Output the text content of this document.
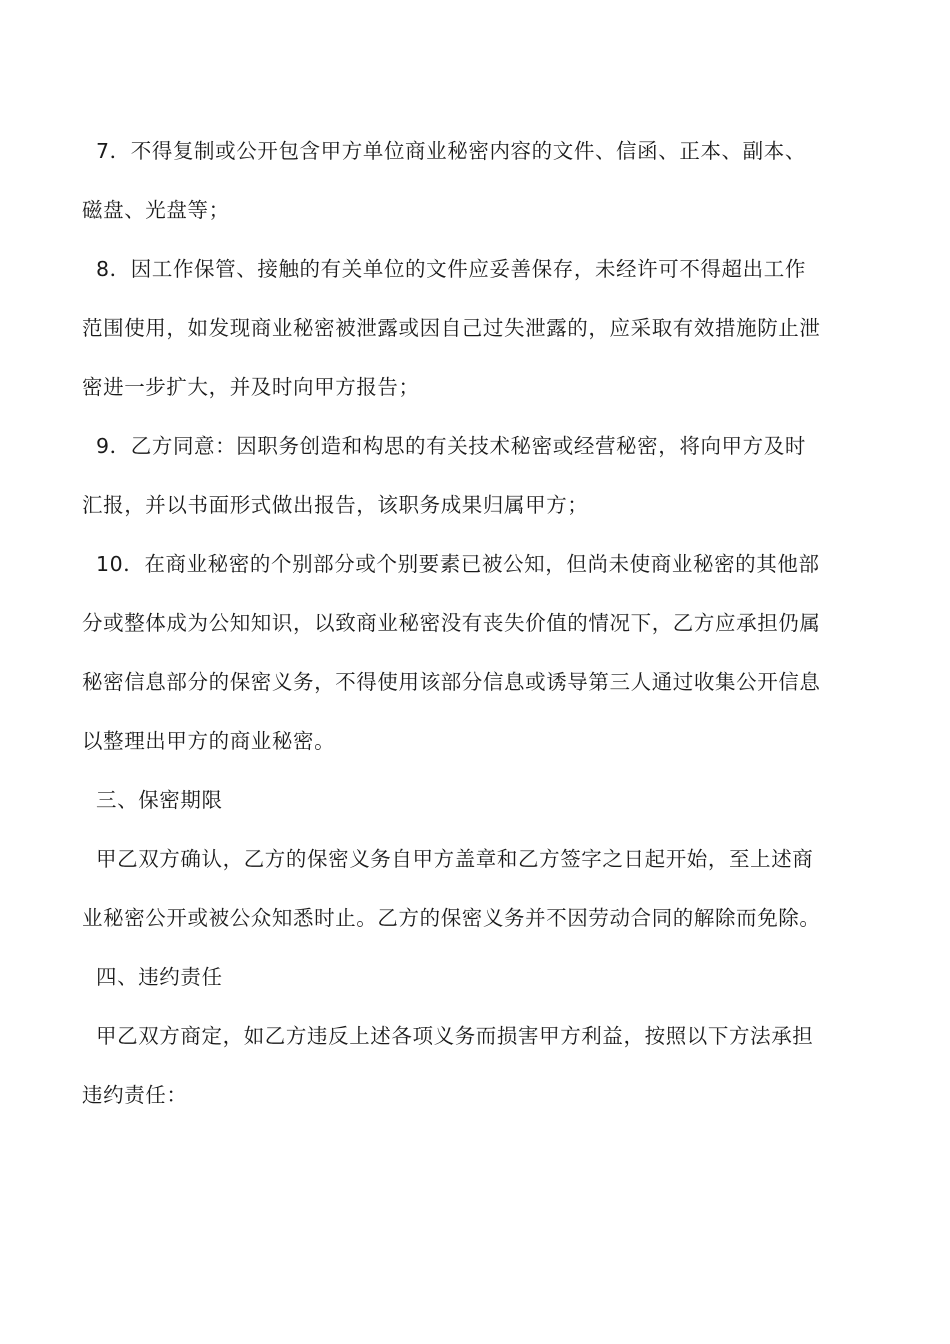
7．不得复制或公开包含甲方单位商业秘密内容的文件、信函、正本、副本、
磁盘、光盘等；
8．因工作保管、接触的有关单位的文件应妥善保存，未经许可不得超出工作
范围使用，如发现商业秘密被泄露或因自己过失泄露的，应采取有效措施防止泄
密进一步扩大，并及时向甲方报告；
9．乙方同意：因职务创造和构思的有关技术秘密或经营秘密，将向甲方及时
汇报，并以书面形式做出报告，该职务成果归属甲方；
10．在商业秘密的个别部分或个别要素已被公知，但尚未使商业秘密的其他部
分或整体成为公知知识，以致商业秘密没有丧失价值的情况下，乙方应承担仍属
秘密信息部分的保密义务，不得使用该部分信息或诱导第三人通过收集公开信息
以整理出甲方的商业秘密。
三、保密期限
甲乙双方确认，乙方的保密义务自甲方盖章和乙方签字之日起开始，至上述商
业秘密公开或被公众知悉时止。乙方的保密义务并不因劳动合同的解除而免除。
四、违约责任
甲乙双方商定，如乙方违反上述各项义务而损害甲方利益，按照以下方法承担
违约责任：
